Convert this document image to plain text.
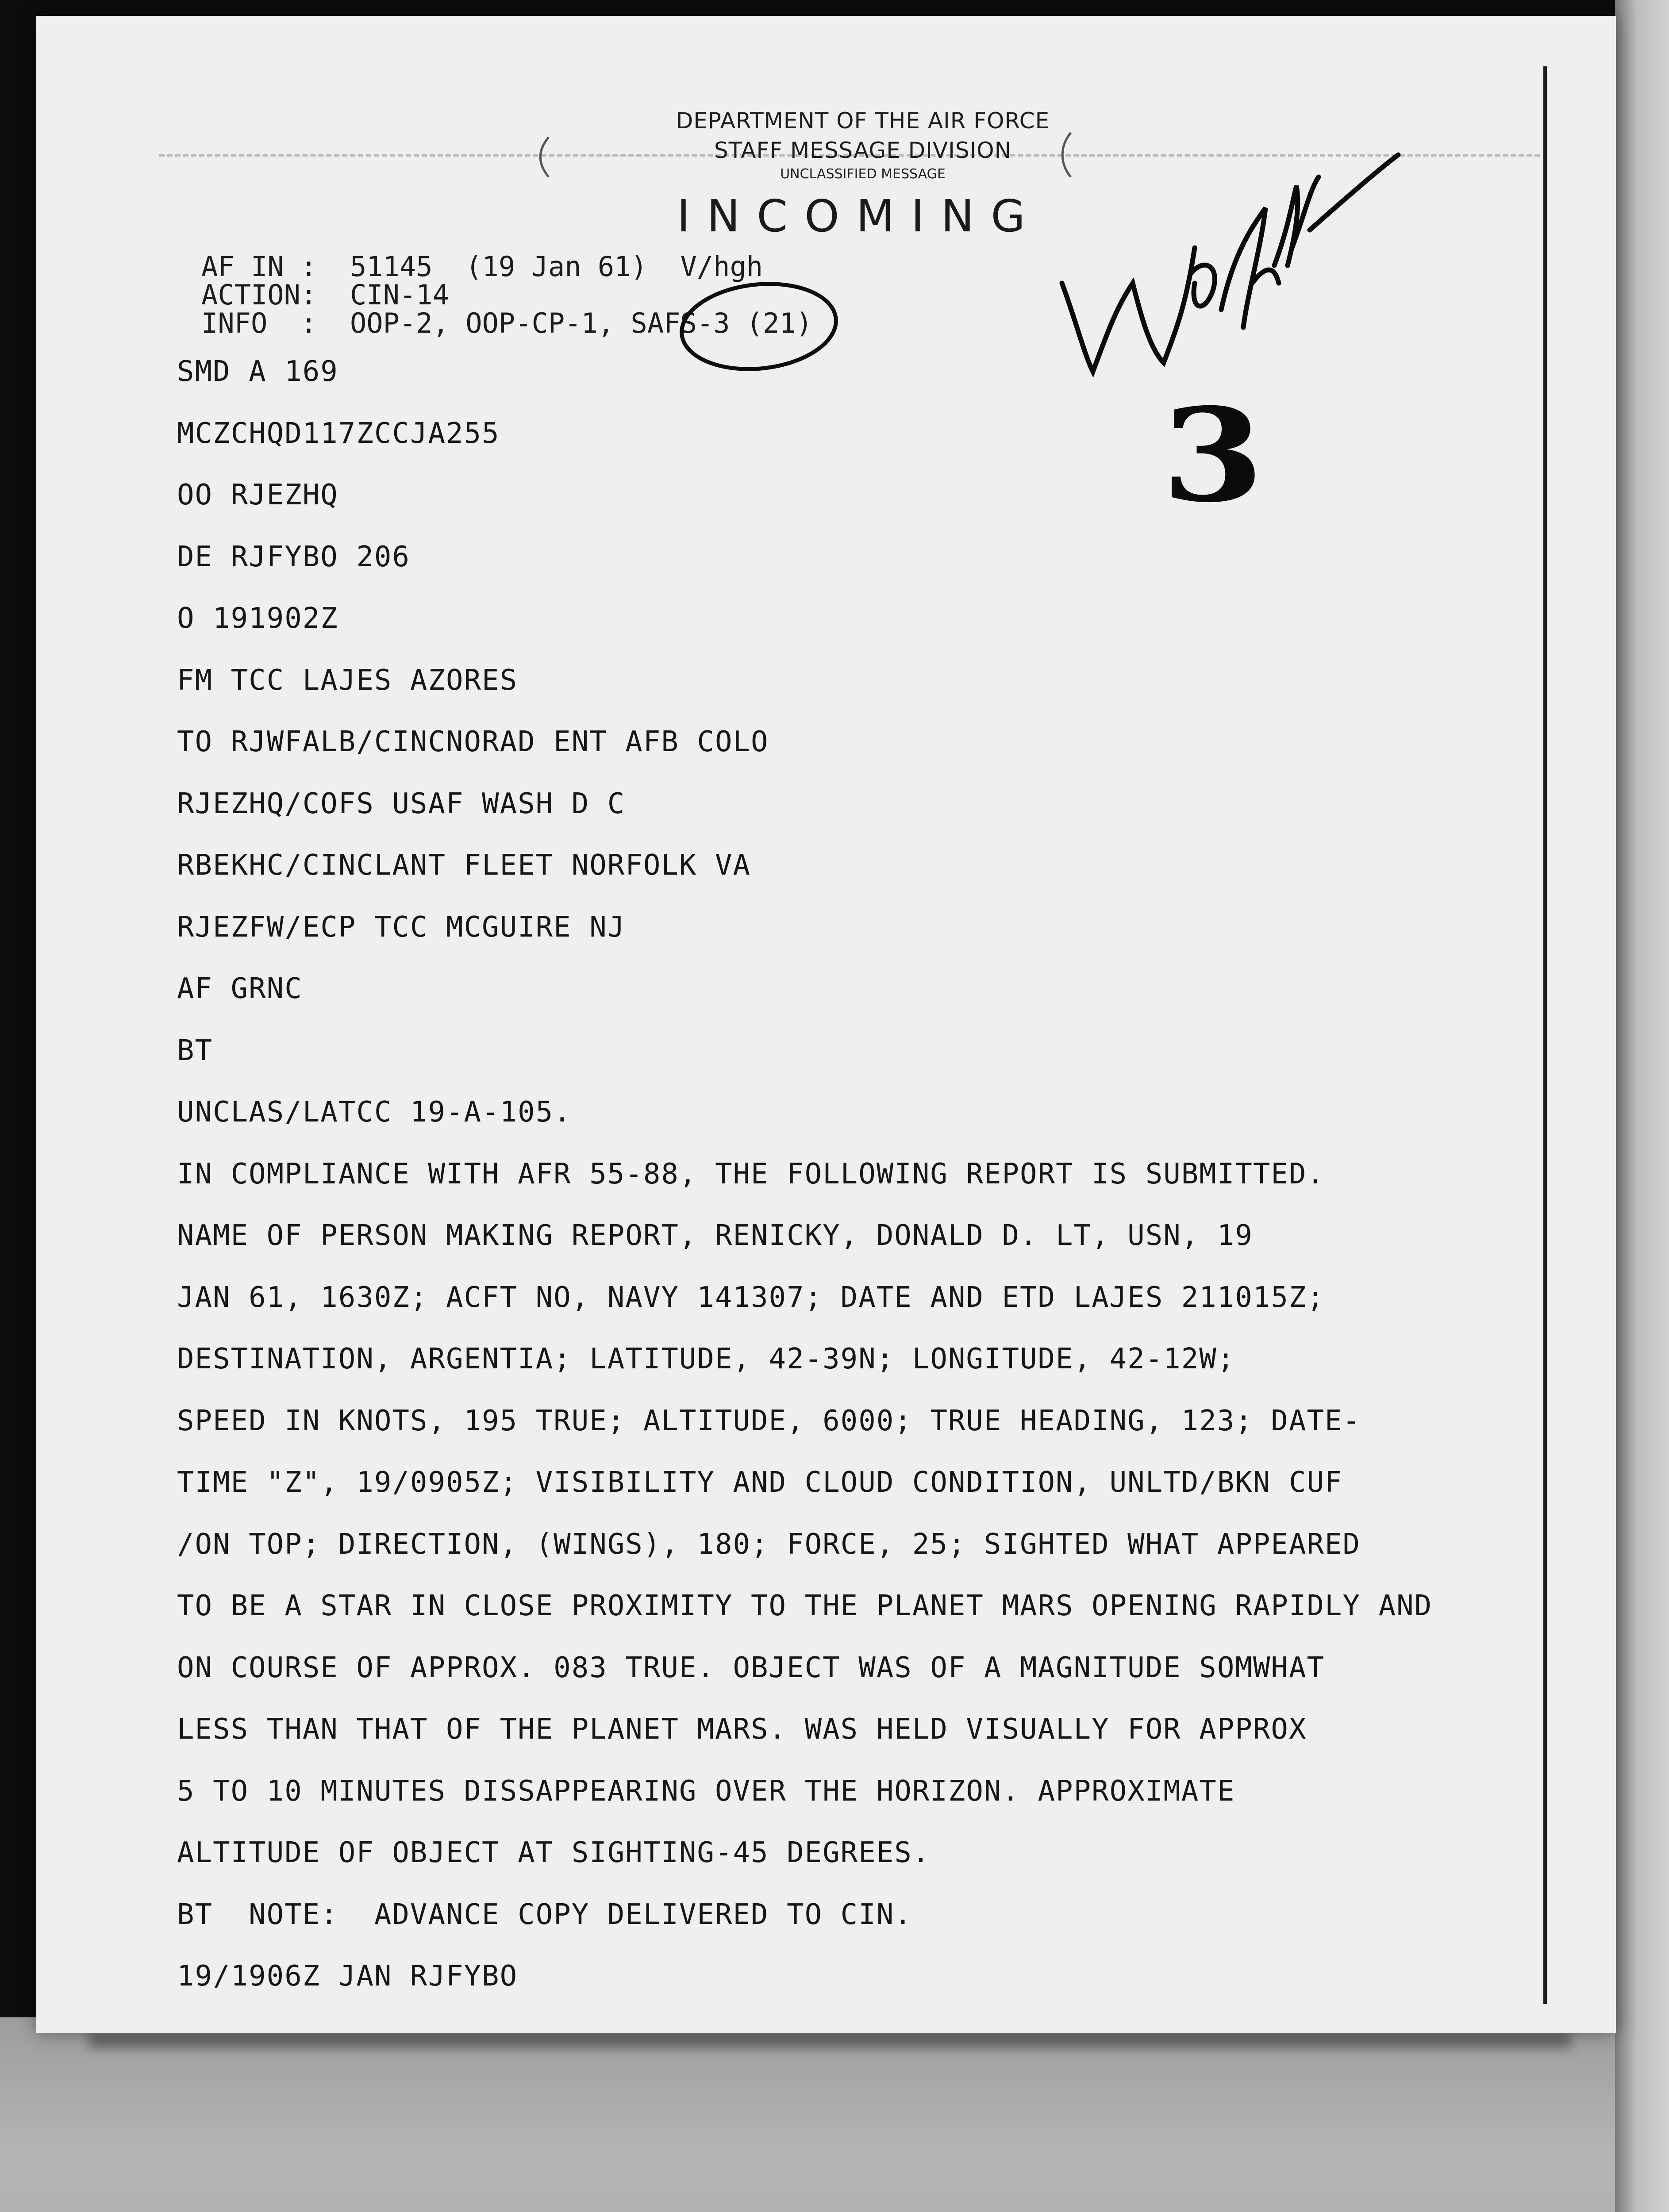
DEPARTMENT OF THE AIR FORCE
STAFF MESSAGE DIVISION
UNCLASSIFIED MESSAGE
INCOMING
AF IN :  51145  (19 Jan 61)  V/hgh
ACTION:  CIN-14
INFO  :  OOP-2, OOP-CP-1, SAFS-3 (21)
SMD A 169
MCZCHQD117ZCCJA255
OO RJEZHQ
DE RJFYBO 206
O 191902Z
FM TCC LAJES AZORES
TO RJWFALB/CINCNORAD ENT AFB COLO
RJEZHQ/COFS USAF WASH D C
RBEKHC/CINCLANT FLEET NORFOLK VA
RJEZFW/ECP TCC MCGUIRE NJ
AF GRNC
BT
UNCLAS/LATCC 19-A-105.
IN COMPLIANCE WITH AFR 55-88, THE FOLLOWING REPORT IS SUBMITTED.
NAME OF PERSON MAKING REPORT, RENICKY, DONALD D. LT, USN, 19
JAN 61, 1630Z; ACFT NO, NAVY 141307; DATE AND ETD LAJES 211015Z;
DESTINATION, ARGENTIA; LATITUDE, 42-39N; LONGITUDE, 42-12W;
SPEED IN KNOTS, 195 TRUE; ALTITUDE, 6000; TRUE HEADING, 123; DATE-
TIME "Z", 19/0905Z; VISIBILITY AND CLOUD CONDITION, UNLTD/BKN CUF
/ON TOP; DIRECTION, (WINGS), 180; FORCE, 25; SIGHTED WHAT APPEARED
TO BE A STAR IN CLOSE PROXIMITY TO THE PLANET MARS OPENING RAPIDLY AND
ON COURSE OF APPROX. 083 TRUE. OBJECT WAS OF A MAGNITUDE SOMWHAT
LESS THAN THAT OF THE PLANET MARS. WAS HELD VISUALLY FOR APPROX
5 TO 10 MINUTES DISSAPPEARING OVER THE HORIZON. APPROXIMATE
ALTITUDE OF OBJECT AT SIGHTING-45 DEGREES.
BT  NOTE:  ADVANCE COPY DELIVERED TO CIN.
19/1906Z JAN RJFYBO
3
